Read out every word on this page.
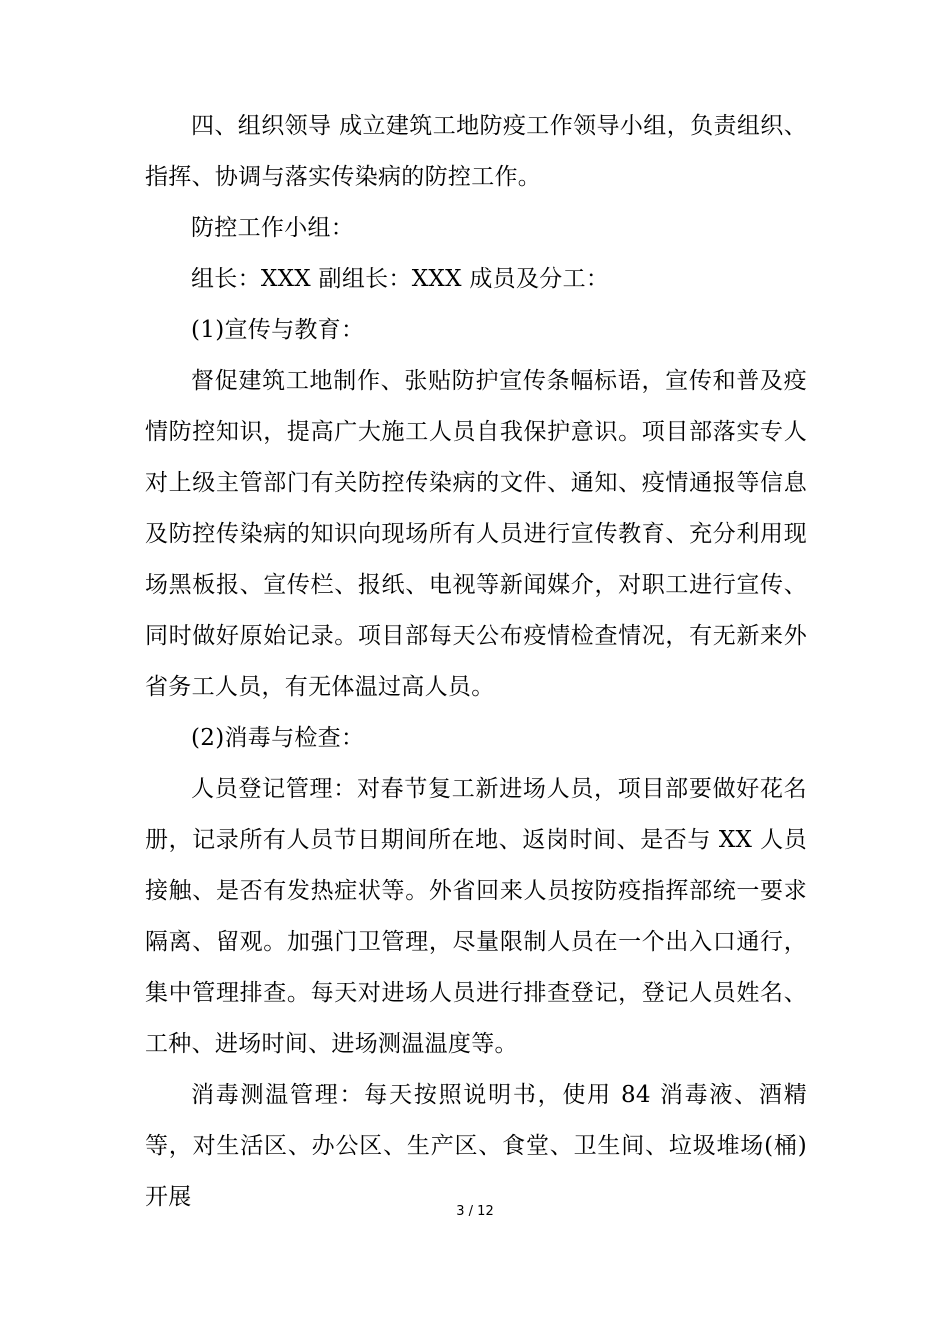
四、组织领导 成立建筑工地防疫工作领导小组，负责组织、指挥、协调与落实传染病的防控工作。

防控工作小组：

组长：XXX 副组长：XXX 成员及分工：

(1)宣传与教育：

督促建筑工地制作、张贴防护宣传条幅标语，宣传和普及疫情防控知识，提高广大施工人员自我保护意识。项目部落实专人对上级主管部门有关防控传染病的文件、通知、疫情通报等信息及防控传染病的知识向现场所有人员进行宣传教育、充分利用现场黑板报、宣传栏、报纸、电视等新闻媒介，对职工进行宣传、同时做好原始记录。项目部每天公布疫情检查情况，有无新来外省务工人员，有无体温过高人员。

(2)消毒与检查：

人员登记管理：对春节复工新进场人员，项目部要做好花名册，记录所有人员节日期间所在地、返岗时间、是否与 XX 人员接触、是否有发热症状等。外省回来人员按防疫指挥部统一要求隔离、留观。加强门卫管理，尽量限制人员在一个出入口通行，集中管理排查。每天对进场人员进行排查登记，登记人员姓名、工种、进场时间、进场测温温度等。

消毒测温管理：每天按照说明书，使用 84 消毒液、酒精等，对生活区、办公区、生产区、食堂、卫生间、垃圾堆场(桶)开展

3 / 12
